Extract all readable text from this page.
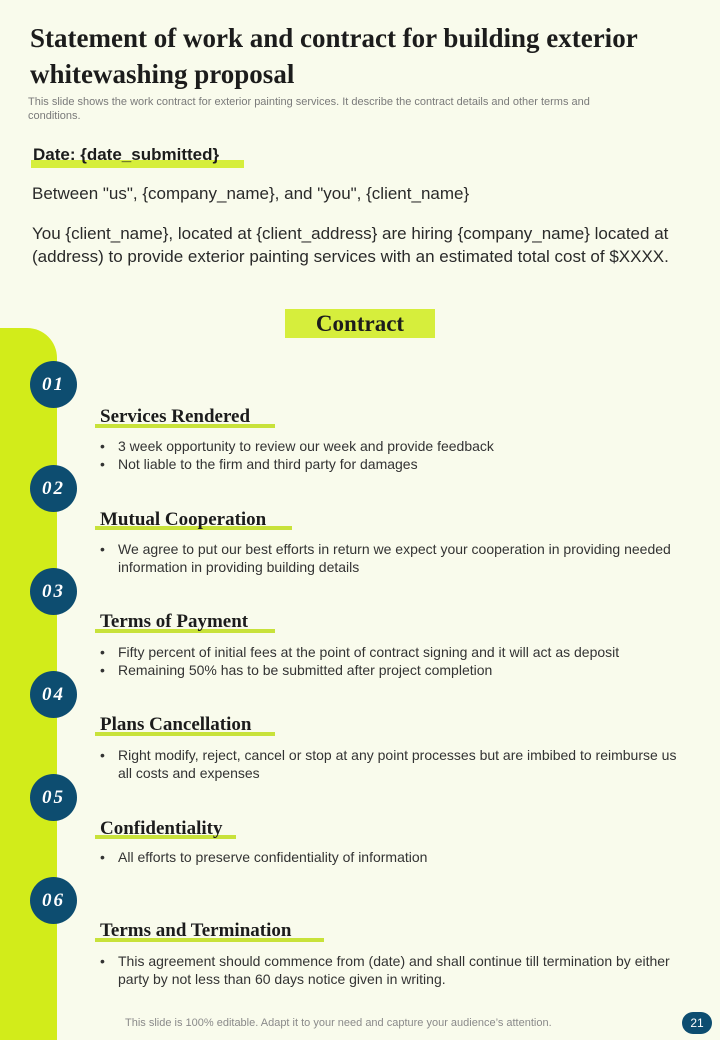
Statement of work and contract for building exterior whitewashing proposal
This slide shows the work contract for exterior painting services. It describe the contract details and other terms and conditions.
Date: {date_submitted}
Between "us", {company_name}, and "you", {client_name}
You {client_name}, located at {client_address} are hiring {company_name} located at (address) to provide exterior painting services with an estimated total cost of $XXXX.
Contract
01
Services Rendered
• 3 week opportunity to review our week and provide feedback
• Not liable to the firm and third party for damages
02
Mutual Cooperation
• We agree to put our best efforts in return we expect your cooperation in providing needed information in providing building details
03
Terms of Payment
• Fifty percent of initial fees at the point of contract signing and it will act as deposit
• Remaining 50% has to be submitted after project completion
04
Plans Cancellation
• Right modify, reject, cancel or stop at any point processes but are imbibed to reimburse us all costs and expenses
05
Confidentiality
• All efforts to preserve confidentiality of information
06
Terms and Termination
• This agreement should commence from (date) and shall continue till termination by either party by not less than 60 days notice given in writing.
This slide is 100% editable. Adapt it to your need and capture your audience’s attention.	21
